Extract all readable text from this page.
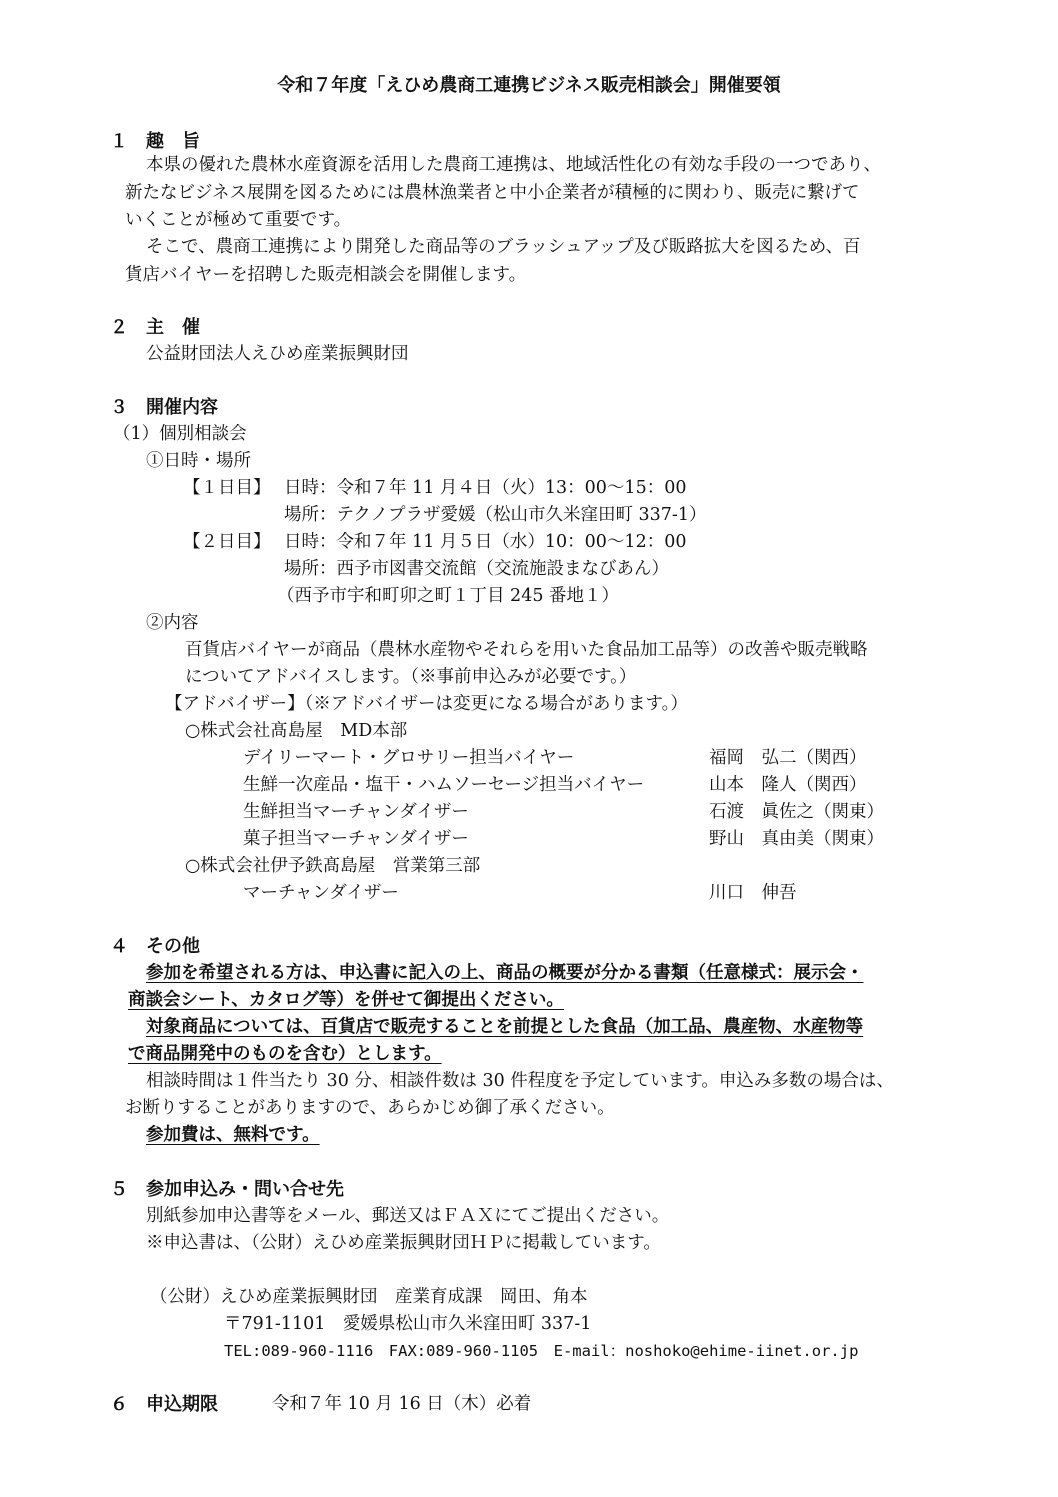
令和７年度「えひめ農商工連携ビジネス販売相談会」開催要領
１ 趣　旨
本県の優れた農林水産資源を活用した農商工連携は、地域活性化の有効な手段の一つであり、
新たなビジネス展開を図るためには農林漁業者と中小企業者が積極的に関わり、販売に繋げて
いくことが極めて重要です。
そこで、農商工連携により開発した商品等のブラッシュアップ及び販路拡大を図るため、百
貨店バイヤーを招聘した販売相談会を開催します。
２ 主　催
公益財団法人えひめ産業振興財団
３ 開催内容
（1）個別相談会
①日時・場所
【１日目】 日時：令和７年 11 月４日（火）13：00～15：00
場所：テクノプラザ愛媛（松山市久米窪田町 337-1）
【２日目】 日時：令和７年 11 月５日（水）10：00～12：00
場所：西予市図書交流館（交流施設まなびあん）
（西予市宇和町卯之町１丁目 245 番地１）
②内容
百貨店バイヤーが商品（農林水産物やそれらを用いた食品加工品等）の改善や販売戦略
についてアドバイスします。（※事前申込みが必要です。）
【アドバイザー】（※アドバイザーは変更になる場合があります。）
○株式会社髙島屋　MD本部
デイリーマート・グロサリー担当バイヤー	福岡　弘二（関西）
生鮮一次産品・塩干・ハムソーセージ担当バイヤー	山本　隆人（関西）
生鮮担当マーチャンダイザー	石渡　眞佐之（関東）
菓子担当マーチャンダイザー	野山　真由美（関東）
○株式会社伊予鉄髙島屋　営業第三部
マーチャンダイザー	川口　伸吾
４ その他
参加を希望される方は、申込書に記入の上、商品の概要が分かる書類（任意様式：展示会・
商談会シート、カタログ等）を併せて御提出ください。
対象商品については、百貨店で販売することを前提とした食品（加工品、農産物、水産物等
で商品開発中のものを含む）とします。
相談時間は１件当たり 30 分、相談件数は 30 件程度を予定しています。申込み多数の場合は、
お断りすることがありますので、あらかじめ御了承ください。
参加費は、無料です。
５ 参加申込み・問い合せ先
別紙参加申込書等をメール、郵送又はＦＡＸにてご提出ください。
※申込書は、（公財）えひめ産業振興財団ＨＰに掲載しています。
（公財）えひめ産業振興財団　産業育成課　岡田、角本
〒791-1101　愛媛県松山市久米窪田町 337-1
TEL:089-960-1116　FAX:089-960-1105　E-mail：noshoko@ehime-iinet.or.jp
６ 申込期限	令和７年 10 月 16 日（木）必着
